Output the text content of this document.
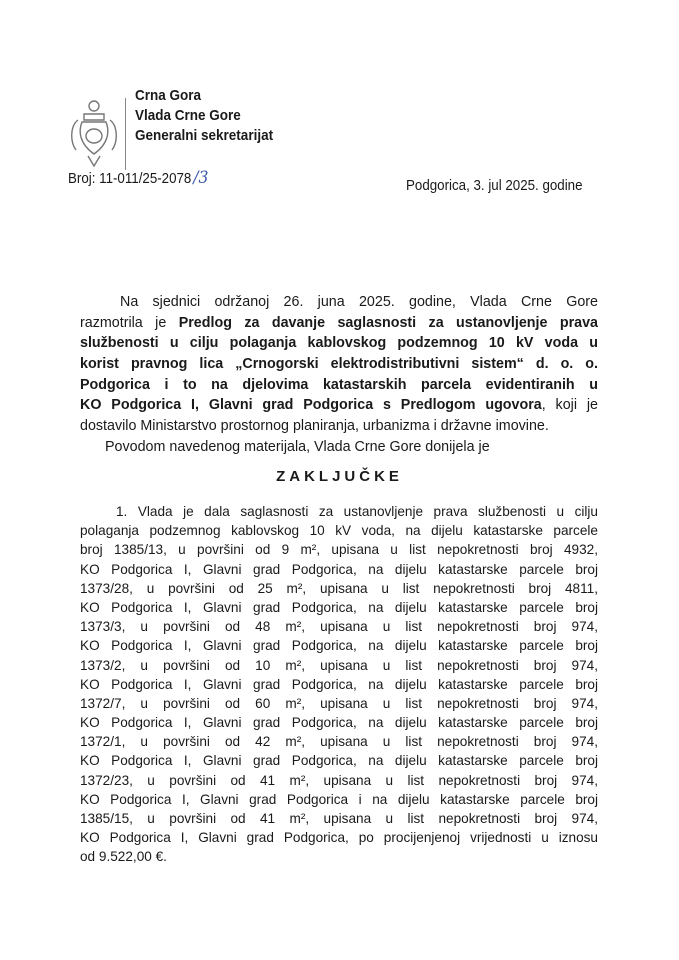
Crna Gora
Vlada Crne Gore
Generalni sekretarijat
Broj: 11-011/25-2078 /3	Podgorica, 3. jul 2025. godine
Na sjednici održanoj 26. juna 2025. godine, Vlada Crne Gore
razmotrila je Predlog za davanje saglasnosti za ustanovljenje prava
službenosti u cilju polaganja kablovskog podzemnog 10 kV voda u
korist pravnog lica „Crnogorski elektrodistributivni sistem“ d. o. o.
Podgorica i to na djelovima katastarskih parcela evidentiranih u
KO Podgorica I, Glavni grad Podgorica s Predlogom ugovora, koji je
dostavilo Ministarstvo prostornog planiranja, urbanizma i državne imovine.
Povodom navedenog materijala, Vlada Crne Gore donijela je
ZAKLJUČKE
1. Vlada je dala saglasnosti za ustanovljenje prava službenosti u cilju
polaganja podzemnog kablovskog 10 kV voda, na dijelu katastarske parcele
broj 1385/13, u površini od 9 m², upisana u list nepokretnosti broj 4932,
KO Podgorica I, Glavni grad Podgorica, na dijelu katastarske parcele broj
1373/28, u površini od 25 m², upisana u list nepokretnosti broj 4811,
KO Podgorica I, Glavni grad Podgorica, na dijelu katastarske parcele broj
1373/3, u površini od 48 m², upisana u list nepokretnosti broj 974,
KO Podgorica I, Glavni grad Podgorica, na dijelu katastarske parcele broj
1373/2, u površini od 10 m², upisana u list nepokretnosti broj 974,
KO Podgorica I, Glavni grad Podgorica, na dijelu katastarske parcele broj
1372/7, u površini od 60 m², upisana u list nepokretnosti broj 974,
KO Podgorica I, Glavni grad Podgorica, na dijelu katastarske parcele broj
1372/1, u površini od 42 m², upisana u list nepokretnosti broj 974,
KO Podgorica I, Glavni grad Podgorica, na dijelu katastarske parcele broj
1372/23, u površini od 41 m², upisana u list nepokretnosti broj 974,
KO Podgorica I, Glavni grad Podgorica i na dijelu katastarske parcele broj
1385/15, u površini od 41 m², upisana u list nepokretnosti broj 974,
KO Podgorica I, Glavni grad Podgorica, po procijenjenoj vrijednosti u iznosu
od 9.522,00 €.
